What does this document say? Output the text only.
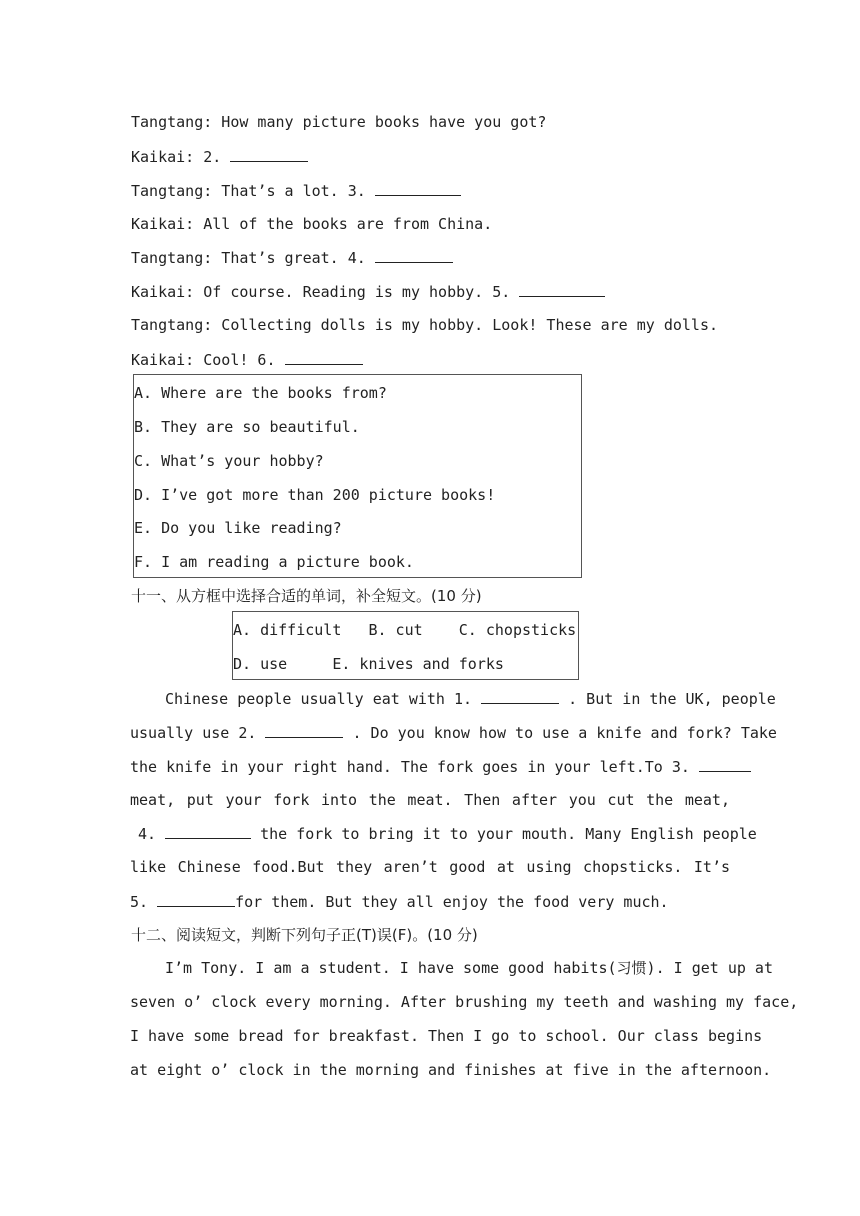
Tangtang: How many picture books have you got?
Kaikai: 2.
Tangtang: That’s a lot. 3.
Kaikai: All of the books are from China.
Tangtang: That’s great. 4.
Kaikai: Of course. Reading is my hobby. 5.
Tangtang: Collecting dolls is my hobby. Look! These are my dolls.
Kaikai: Cool! 6.
A. Where are the books from?
B. They are so beautiful.
C. What’s your hobby?
D. I’ve got more than 200 picture books!
E. Do you like reading?
F. I am reading a picture book.
十一、从方框中选择合适的单词，补全短文。(10 分)
A. difficult   B. cut    C. chopsticks
D. use     E. knives and forks
Chinese people usually eat with 1.	. But in the UK, people
usually use 2.	. Do you know how to use a knife and fork? Take
the knife in your right hand. The fork goes in your left.To 3.
meat, put your fork into the meat. Then after you cut the meat,
4.	the fork to bring it to your mouth. Many English people
like Chinese food.But they aren’t good at using chopsticks. It’s
5.	for them. But they all enjoy the food very much.
十二、阅读短文，判断下列句子正(T)误(F)。(10 分)
I’m Tony. I am a student. I have some good habits(习惯). I get up at
seven o’ clock every morning. After brushing my teeth and washing my face,
I have some bread for breakfast. Then I go to school. Our class begins
at eight o’ clock in the morning and finishes at five in the afternoon.
